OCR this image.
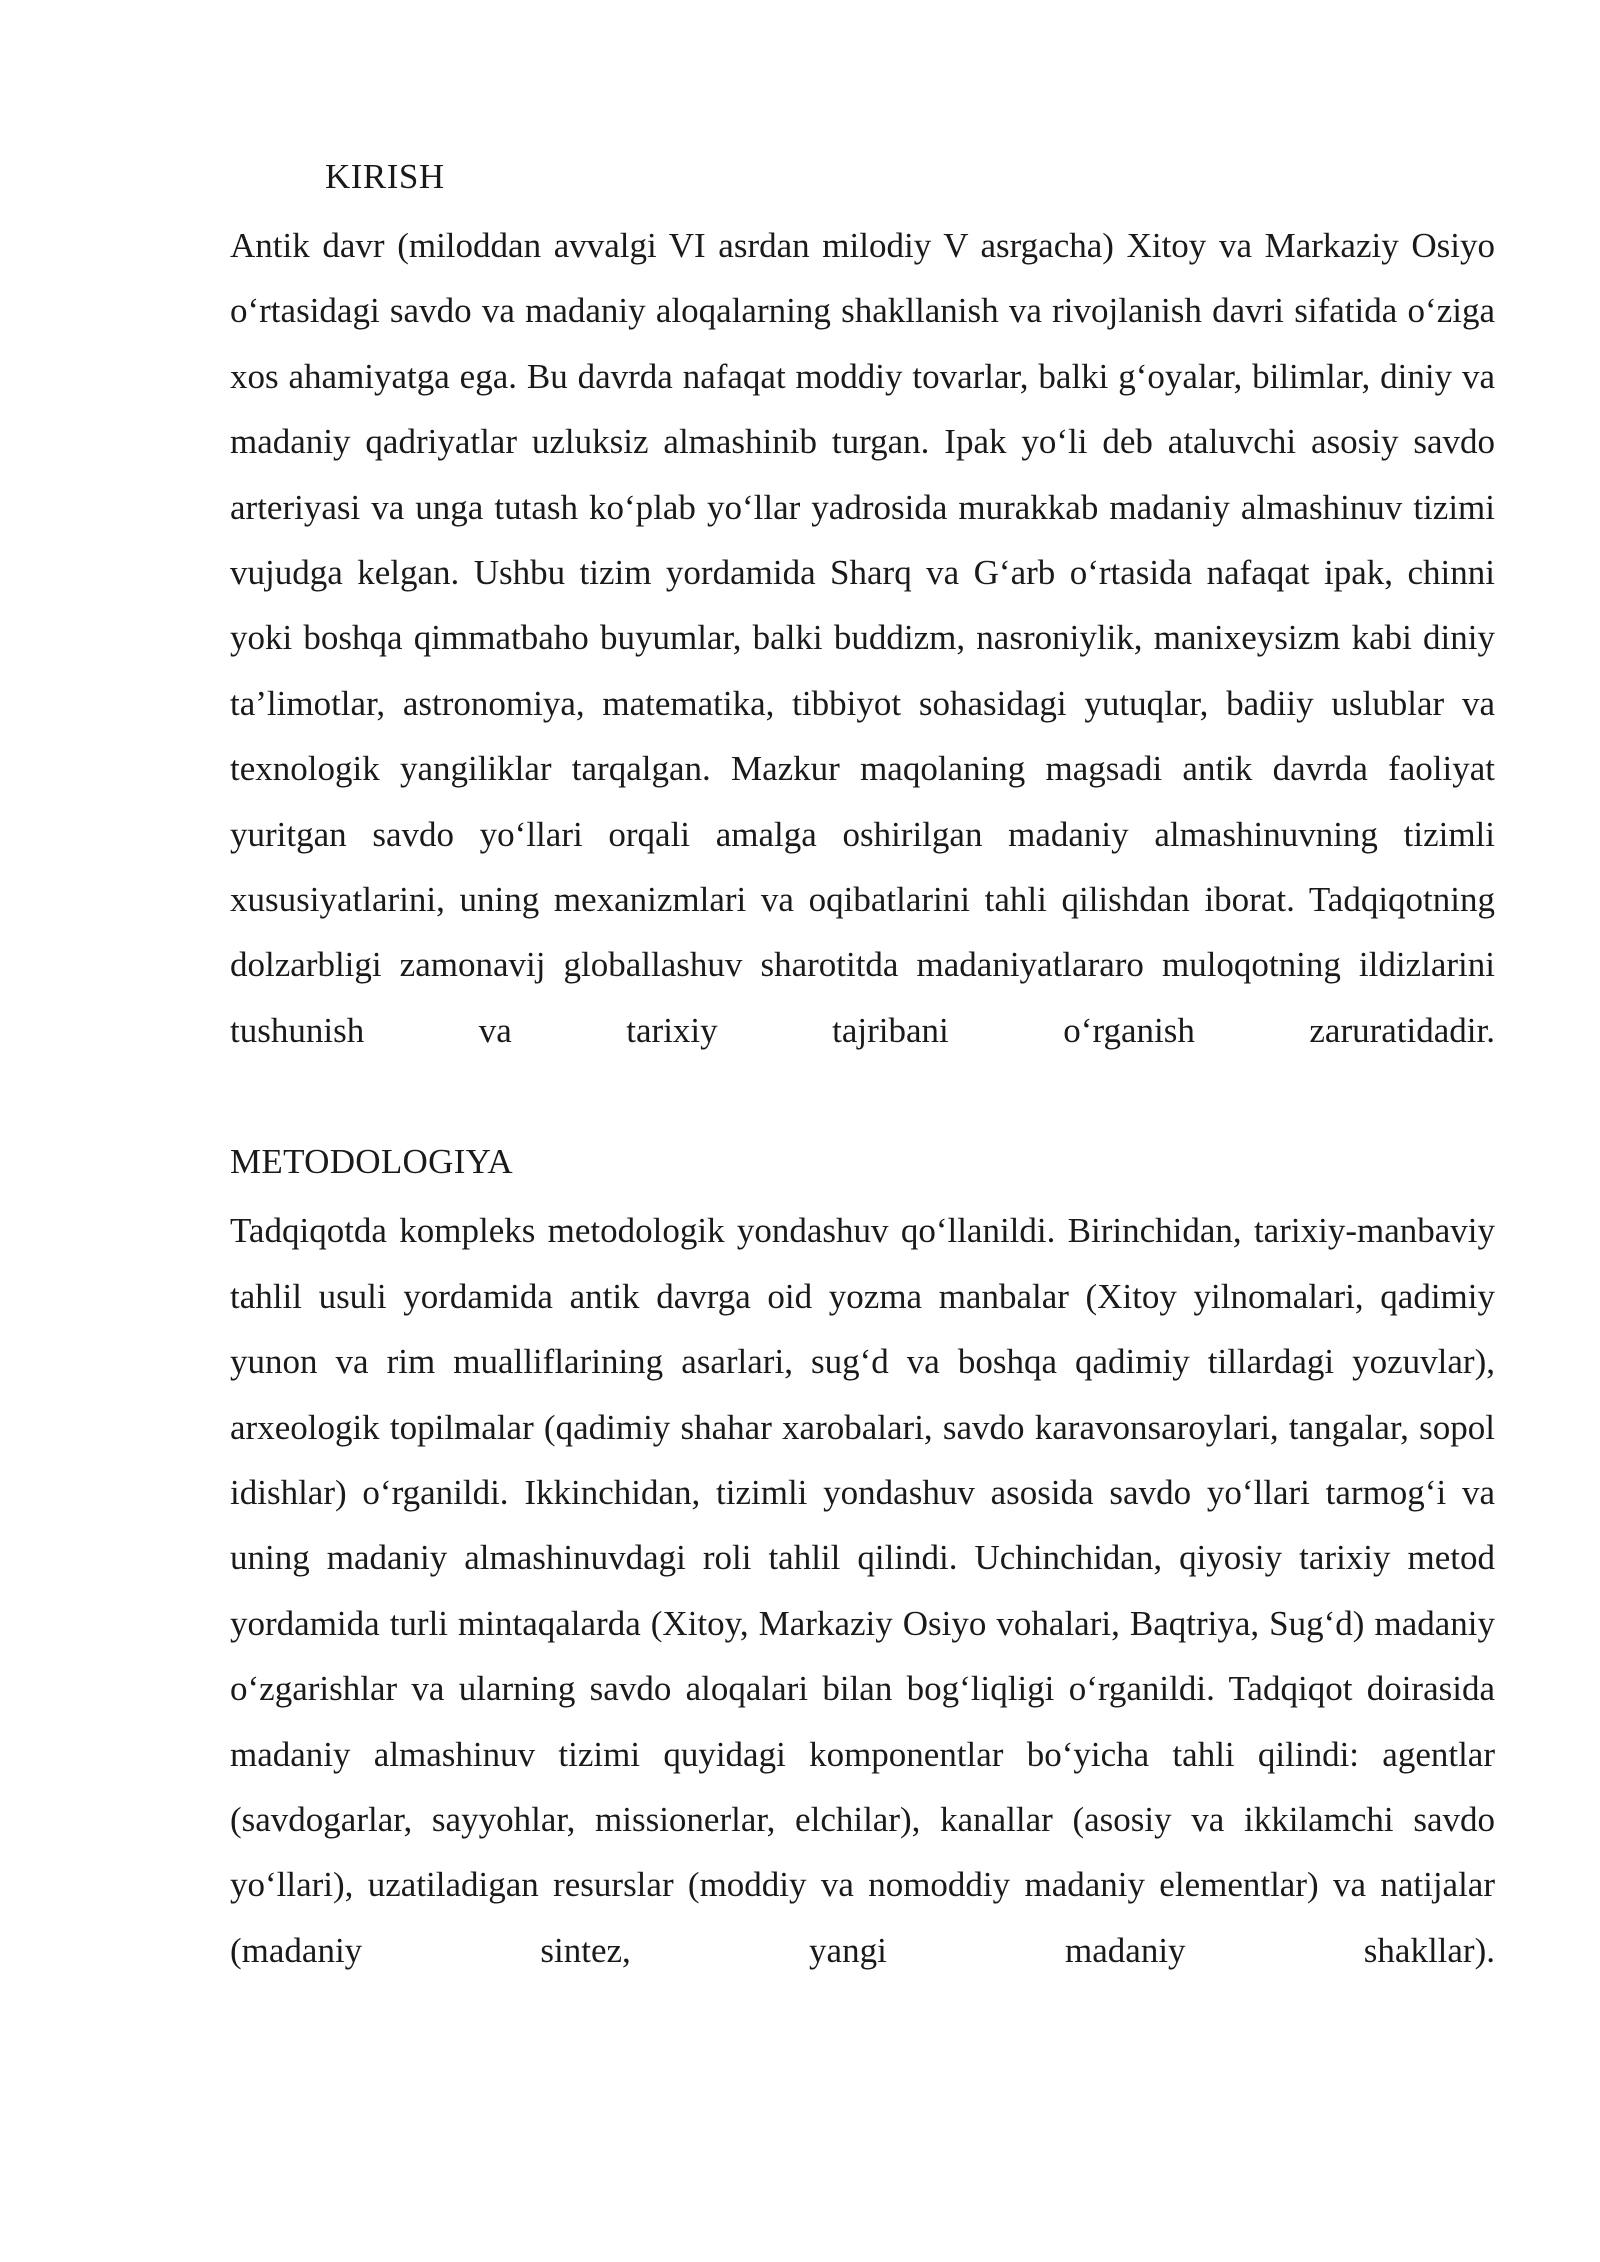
KIRISH

Antik davr (miloddan avvalgi VI asrdan milodiy V asrgacha) Xitoy va Markaziy Osiyo o‘rtasidagi savdo va madaniy aloqalarning shakllanish va rivojlanish davri sifatida o‘ziga xos ahamiyatga ega. Bu davrda nafaqat moddiy tovarlar, balki g‘oyalar, bilimlar, diniy va madaniy qadriyatlar uzluksiz almashinib turgan. Ipak yo‘li deb ataluvchi asosiy savdo arteriyasi va unga tutash ko‘plab yo‘llar yadrosida murakkab madaniy almashinuv tizimi vujudga kelgan. Ushbu tizim yordamida Sharq va G‘arb o‘rtasida nafaqat ipak, chinni yoki boshqa qimmatbaho buyumlar, balki buddizm, nasroniylik, manixeysizm kabi diniy ta’limotlar, astronomiya, matematika, tibbiyot sohasidagi yutuqlar, badiiy uslublar va texnologik yangiliklar tarqalgan. Mazkur maqolaning magsadi antik davrda faoliyat yuritgan savdo yo‘llari orqali amalga oshirilgan madaniy almashinuvning tizimli xususiyatlarini, uning mexanizmlari va oqibatlarini tahli qilishdan iborat. Tadqiqotning dolzarbligi zamonavij globallashuv sharotitda madaniyatlararo muloqotning ildizlarini tushunish va tarixiy tajribani o‘rganish zaruratidadir.

METODOLOGIYA

Tadqiqotda kompleks metodologik yondashuv qo‘llanildi. Birinchidan, tarixiy-manbaviy tahlil usuli yordamida antik davrga oid yozma manbalar (Xitoy yilnomalari, qadimiy yunon va rim mualliflarining asarlari, sug‘d va boshqa qadimiy tillardagi yozuvlar), arxeologik topilmalar (qadimiy shahar xarobalari, savdo karavonsaroylari, tangalar, sopol idishlar) o‘rganildi. Ikkinchidan, tizimli yondashuv asosida savdo yo‘llari tarmog‘i va uning madaniy almashinuvdagi roli tahlil qilindi. Uchinchidan, qiyosiy tarixiy metod yordamida turli mintaqalarda (Xitoy, Markaziy Osiyo vohalari, Baqtriya, Sug‘d) madaniy o‘zgarishlar va ularning savdo aloqalari bilan bog‘liqligi o‘rganildi. Tadqiqot doirasida madaniy almashinuv tizimi quyidagi komponentlar bo‘yicha tahli qilindi: agentlar (savdogarlar, sayyohlar, missionerlar, elchilar), kanallar (asosiy va ikkilamchi savdo yo‘llari), uzatiladigan resurslar (moddiy va nomoddiy madaniy elementlar) va natijalar (madaniy sintez, yangi madaniy shakllar).
